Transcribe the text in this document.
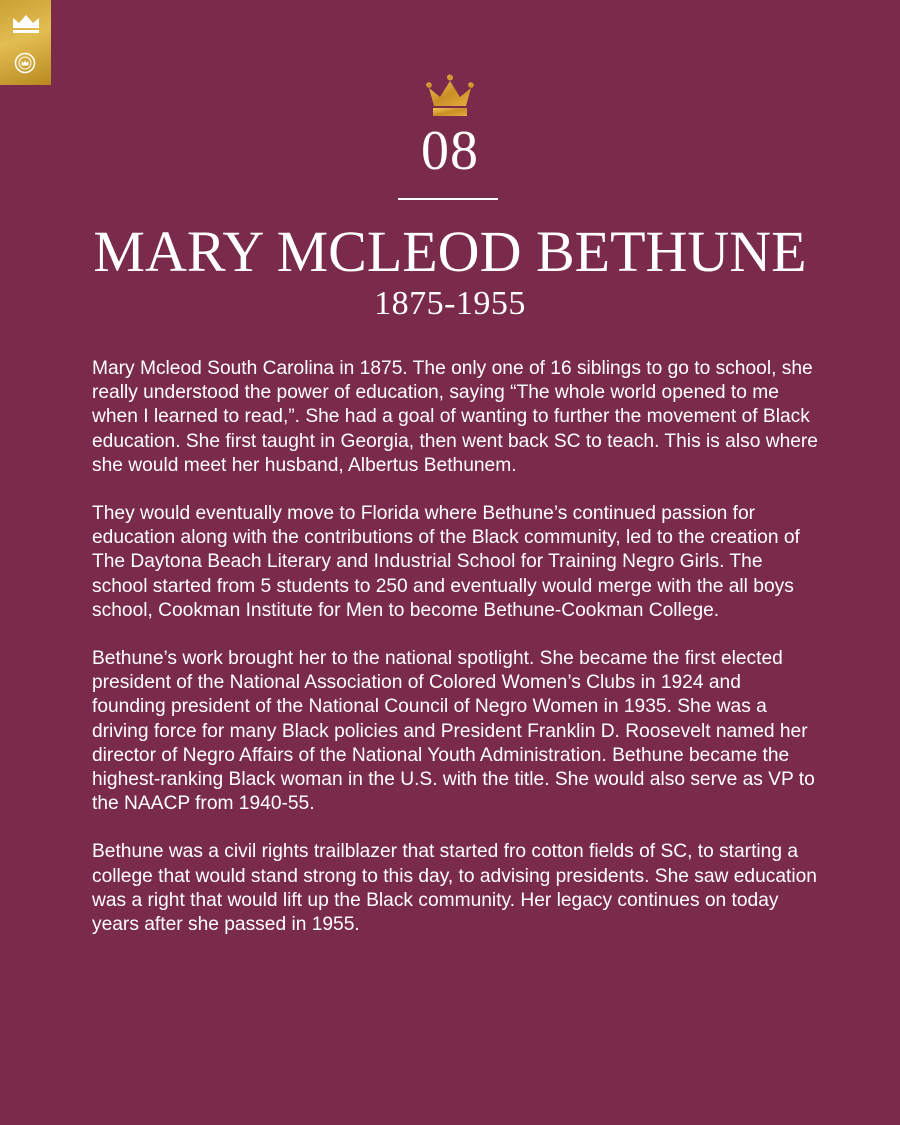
08
MARY MCLEOD BETHUNE
1875-1955

Mary Mcleod South Carolina in 1875. The only one of 16 siblings to go to school, she really understood the power of education, saying “The whole world opened to me when I learned to read,”. She had a goal of wanting to further the movement of Black education. She first taught in Georgia, then went back SC to teach. This is also where she would meet her husband, Albertus Bethunem.

They would eventually move to Florida where Bethune’s continued passion for education along with the contributions of the Black community, led to the creation of The Daytona Beach Literary and Industrial School for Training Negro Girls. The school started from 5 students to 250 and eventually would merge with the all boys school, Cookman Institute for Men to become Bethune-Cookman College.

Bethune’s work brought her to the national spotlight. She became the first elected president of the National Association of Colored Women’s Clubs in 1924 and founding president of the National Council of Negro Women in 1935. She was a driving force for many Black policies and President Franklin D. Roosevelt named her director of Negro Affairs of the National Youth Administration. Bethune became the highest-ranking Black woman in the U.S. with the title. She would also serve as VP to the NAACP from 1940-55.

Bethune was a civil rights trailblazer that started fro cotton fields of SC, to starting a college that would stand strong to this day, to advising presidents. She saw education was a right that would lift up the Black community. Her legacy continues on today years after she passed in 1955.
